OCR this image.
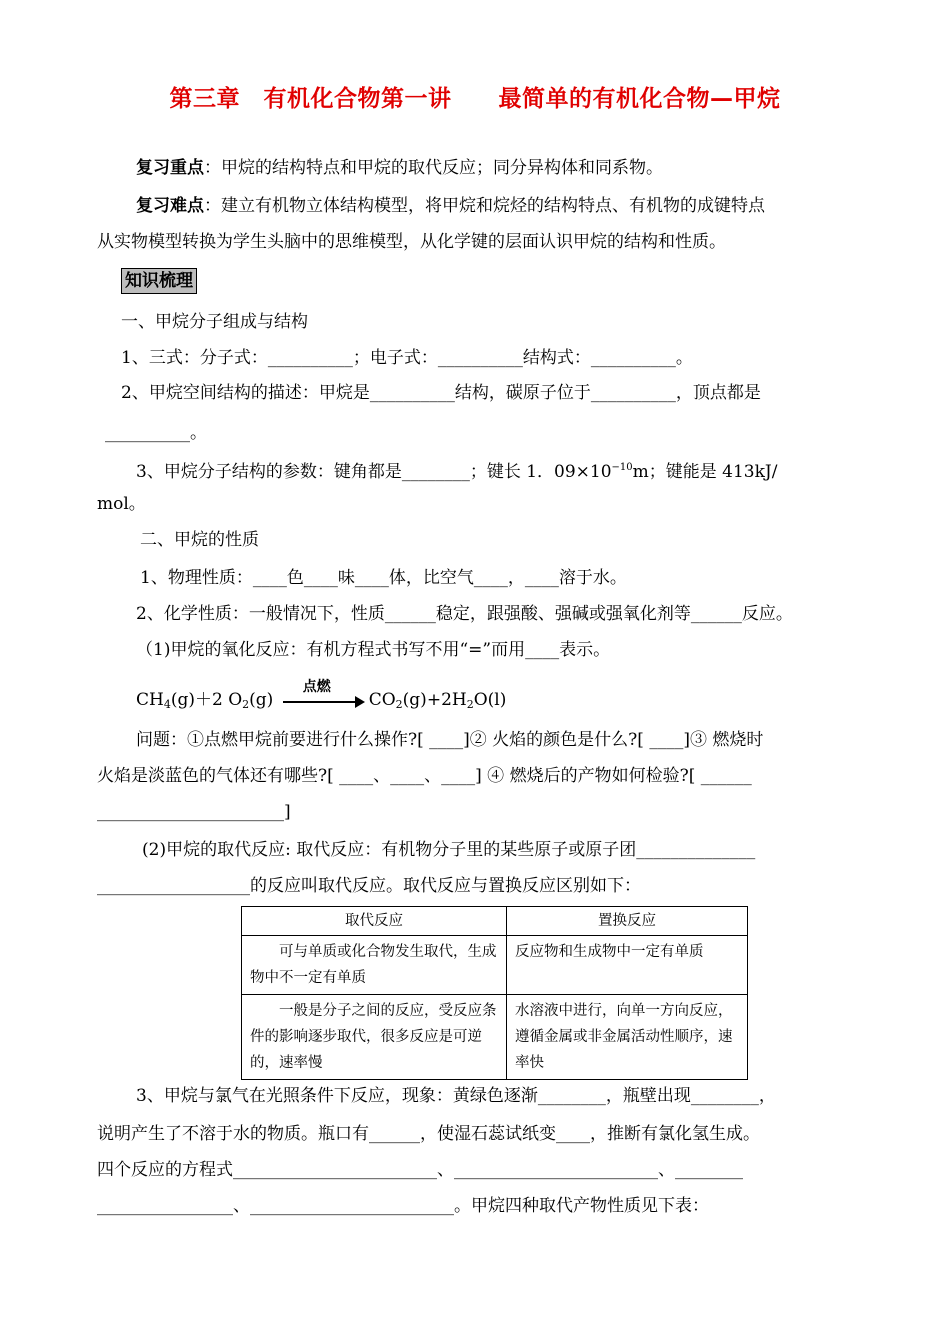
第三章　有机化合物第一讲　　最简单的有机化合物—甲烷
复习重点：甲烷的结构特点和甲烷的取代反应；同分异构体和同系物。
复习难点：建立有机物立体结构模型，将甲烷和烷烃的结构特点、有机物的成键特点
从实物模型转换为学生头脑中的思维模型，从化学键的层面认识甲烷的结构和性质。
知识梳理
一、甲烷分子组成与结构
1、三式：分子式：__________；电子式：__________结构式：__________。
2、甲烷空间结构的描述：甲烷是__________结构，碳原子位于__________，顶点都是
__________。
3、甲烷分子结构的参数：键角都是________；键长 1．$09\times 10^{-10}m$；键能是 413kJ/
mol。
二、甲烷的性质
1、物理性质：____色____味____体，比空气____，____溶于水。
2、化学性质：一般情况下，性质______稳定，跟强酸、强碱或强氧化剂等______反应。
（1)甲烷的氧化反应：有机方程式书写不用“=”而用____表示。
$CH_4(g)+2$ $O_2(g)$
点燃
$CO_2(g)+2H_2O(l)$
问题：①点燃甲烷前要进行什么操作?[ ____]② 火焰的颜色是什么?[ ____]③ 燃烧时
火焰是淡蓝色的气体还有哪些?[ ____、____、____] ④ 燃烧后的产物如何检验?[ ______
______________________]
(2)甲烷的取代反应: 取代反应：有机物分子里的某些原子或原子团______________
__________________的反应叫取代反应。取代反应与置换反应区别如下：
取代反应	置换反应
　　可与单质或化合物发生取代，生成物中不一定有单质	反应物和生成物中一定有单质
　　一般是分子之间的反应，受反应条件的影响逐步取代，很多反应是可逆的，速率慢	水溶液中进行，向单一方向反应，遵循金属或非金属活动性顺序，速率快
3、甲烷与氯气在光照条件下反应，现象：黄绿色逐渐________，瓶壁出现________，
说明产生了不溶于水的物质。瓶口有______，使湿石蕊试纸变____，推断有氯化氢生成。
四个反应的方程式________________________、________________________、________
________________、________________________。甲烷四种取代产物性质见下表：
